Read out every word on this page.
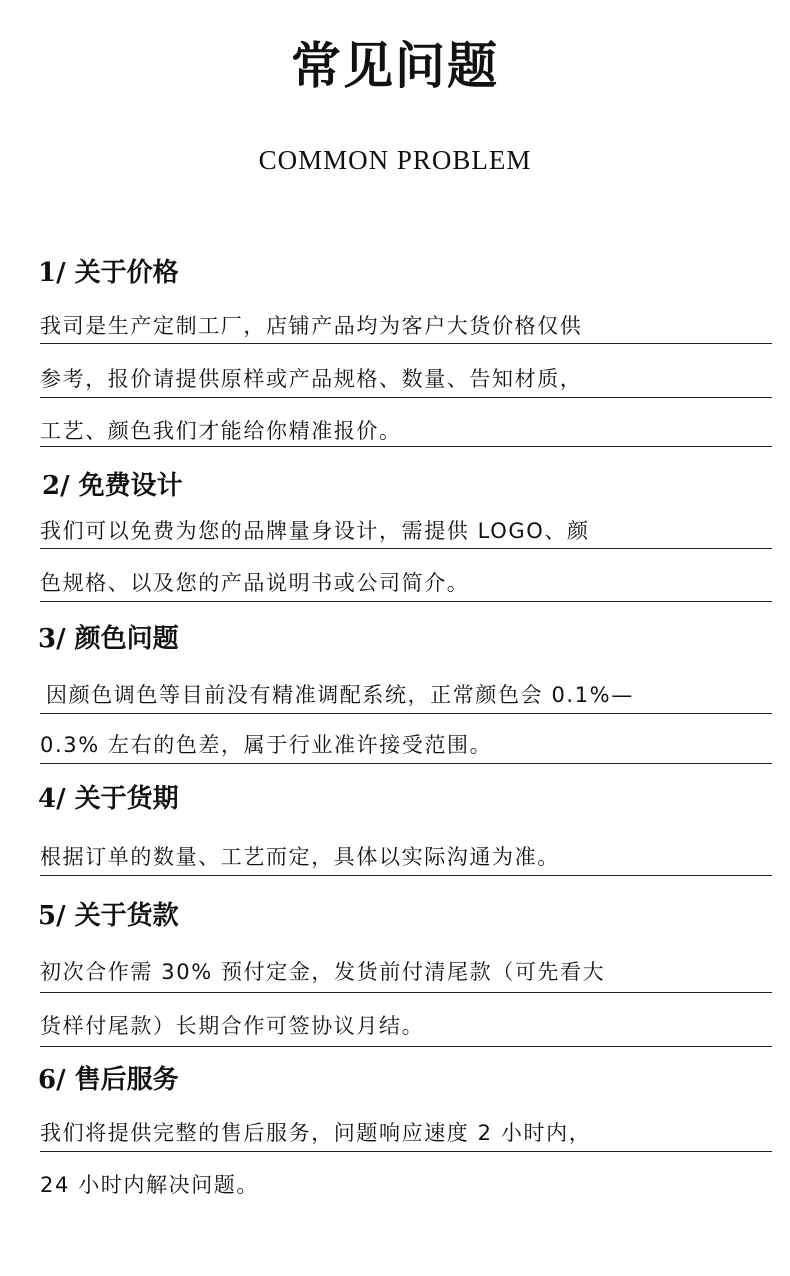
常见问题
COMMON PROBLEM
1/ 关于价格
我司是生产定制工厂，店铺产品均为客户大货价格仅供
参考，报价请提供原样或产品规格、数量、告知材质，
工艺、颜色我们才能给你精准报价。
2/ 免费设计
我们可以免费为您的品牌量身设计，需提供 LOGO、颜
色规格、以及您的产品说明书或公司简介。
3/ 颜色问题
因颜色调色等目前没有精准调配系统，正常颜色会 0.1%—
0.3% 左右的色差，属于行业准许接受范围。
4/ 关于货期
根据订单的数量、工艺而定，具体以实际沟通为准。
5/ 关于货款
初次合作需 30% 预付定金，发货前付清尾款（可先看大
货样付尾款）长期合作可签协议月结。
6/ 售后服务
我们将提供完整的售后服务，问题响应速度 2 小时内，
24 小时内解决问题。
